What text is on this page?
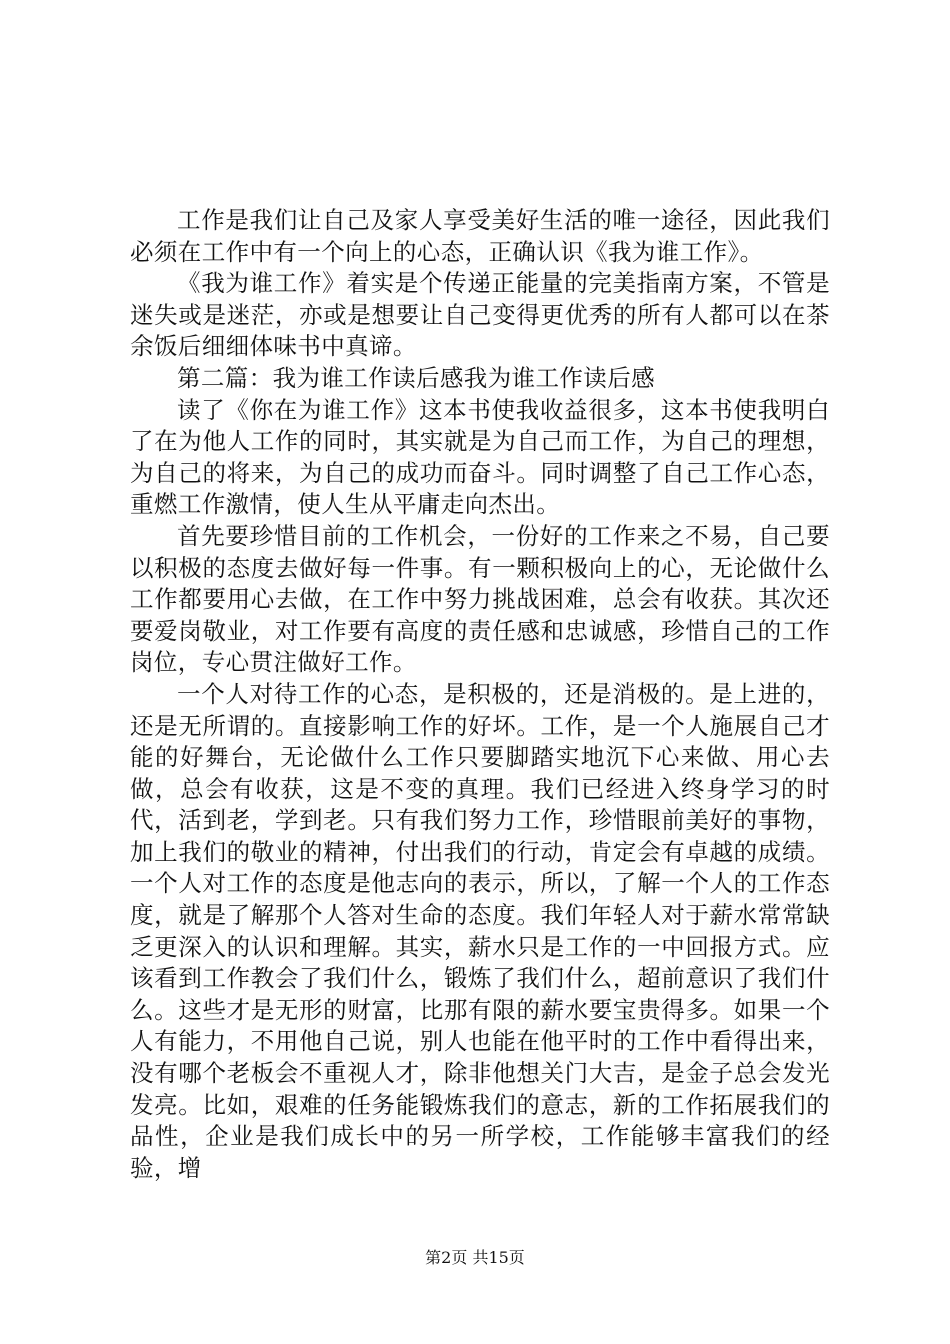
工作是我们让自己及家人享受美好生活的唯一途径，因此我们必须在工作中有一个向上的心态，正确认识《我为谁工作》。

《我为谁工作》着实是个传递正能量的完美指南方案，不管是迷失或是迷茫，亦或是想要让自己变得更优秀的所有人都可以在茶余饭后细细体味书中真谛。

第二篇：我为谁工作读后感我为谁工作读后感

读了《你在为谁工作》这本书使我收益很多，这本书使我明白了在为他人工作的同时，其实就是为自己而工作，为自己的理想，为自己的将来，为自己的成功而奋斗。同时调整了自己工作心态，重燃工作激情，使人生从平庸走向杰出。

首先要珍惜目前的工作机会，一份好的工作来之不易，自己要以积极的态度去做好每一件事。有一颗积极向上的心，无论做什么工作都要用心去做，在工作中努力挑战困难，总会有收获。其次还要爱岗敬业，对工作要有高度的责任感和忠诚感，珍惜自己的工作岗位，专心贯注做好工作。

一个人对待工作的心态，是积极的，还是消极的。是上进的，还是无所谓的。直接影响工作的好坏。工作，是一个人施展自己才能的好舞台，无论做什么工作只要脚踏实地沉下心来做、用心去做，总会有收获，这是不变的真理。我们已经进入终身学习的时代，活到老，学到老。只有我们努力工作，珍惜眼前美好的事物，加上我们的敬业的精神，付出我们的行动，肯定会有卓越的成绩。一个人对工作的态度是他志向的表示，所以，了解一个人的工作态度，就是了解那个人答对生命的态度。我们年轻人对于薪水常常缺乏更深入的认识和理解。其实，薪水只是工作的一中回报方式。应该看到工作教会了我们什么，锻炼了我们什么，超前意识了我们什么。这些才是无形的财富，比那有限的薪水要宝贵得多。如果一个人有能力，不用他自己说，别人也能在他平时的工作中看得出来，没有哪个老板会不重视人才，除非他想关门大吉，是金子总会发光发亮。比如，艰难的任务能锻炼我们的意志，新的工作拓展我们的品性，企业是我们成长中的另一所学校，工作能够丰富我们的经验，增

第2页 共15页
